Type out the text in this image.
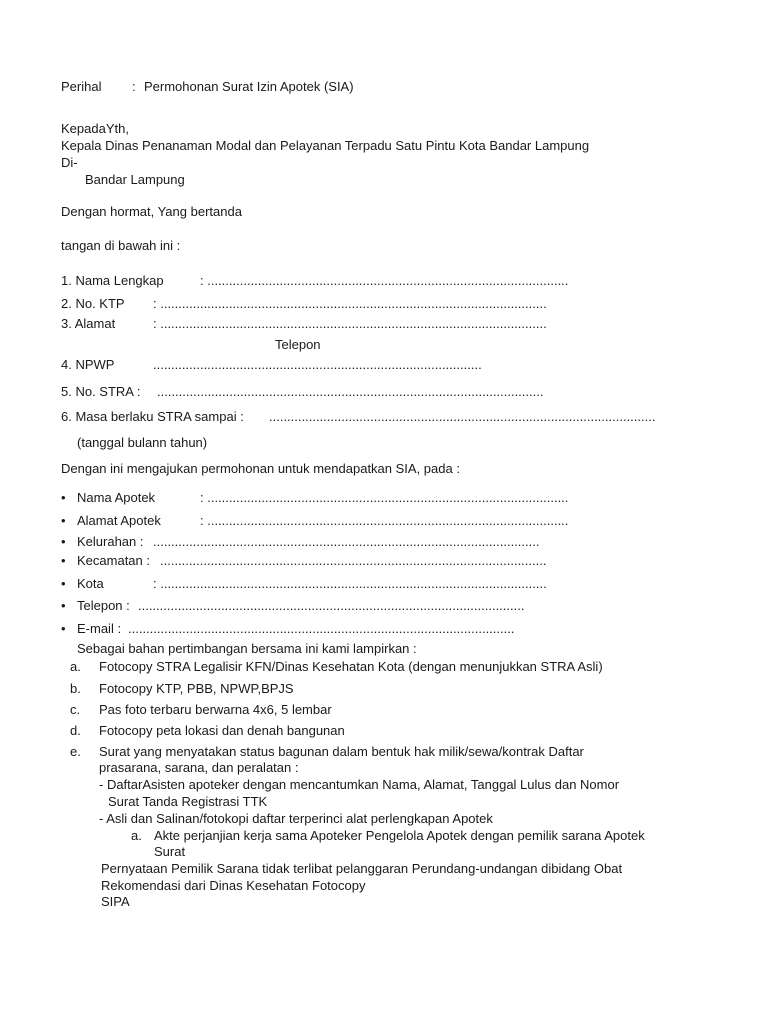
Perihal : Permohonan Surat Izin Apotek (SIA)
KepadaYth,
Kepala Dinas Penanaman Modal dan Pelayanan Terpadu Satu Pintu Kota Bandar Lampung
Di-
Bandar Lampung
Dengan hormat, Yang bertanda
tangan di bawah ini :
1. Nama Lengkap	: ....................................................................................................
2. No. KTP : ...........................................................................................................
3. Alamat	: ...........................................................................................................
Telepon
4. NPWP	...........................................................................................
5. No. STRA : ...........................................................................................................
6. Masa berlaku STRA sampai : ...........................................................................................................
(tanggal bulann tahun)
Dengan ini mengajukan permohonan untuk mendapatkan SIA, pada :
• Nama Apotek	: ....................................................................................................
• Alamat Apotek	: ....................................................................................................
• Kelurahan : ...........................................................................................................
• Kecamatan : ...........................................................................................................
• Kota	: ...........................................................................................................
• Telepon : ...........................................................................................................
• E-mail : ...........................................................................................................
Sebagai bahan pertimbangan bersama ini kami lampirkan :
a. Fotocopy STRA Legalisir KFN/Dinas Kesehatan Kota (dengan menunjukkan STRA Asli)
b. Fotocopy KTP, PBB, NPWP,BPJS
c. Pas foto terbaru berwarna 4x6, 5 lembar
d. Fotocopy peta lokasi dan denah bangunan
e. Surat yang menyatakan status bagunan dalam bentuk hak milik/sewa/kontrak Daftar
prasarana, sarana, dan peralatan :
- DaftarAsisten apoteker dengan mencantumkan Nama, Alamat, Tanggal Lulus dan Nomor
Surat Tanda Registrasi TTK
- Asli dan Salinan/fotokopi daftar terperinci alat perlengkapan Apotek
a. Akte perjanjian kerja sama Apoteker Pengelola Apotek dengan pemilik sarana Apotek
Surat
Pernyataan Pemilik Sarana tidak terlibat pelanggaran Perundang-undangan dibidang Obat
Rekomendasi dari Dinas Kesehatan Fotocopy
SIPA
